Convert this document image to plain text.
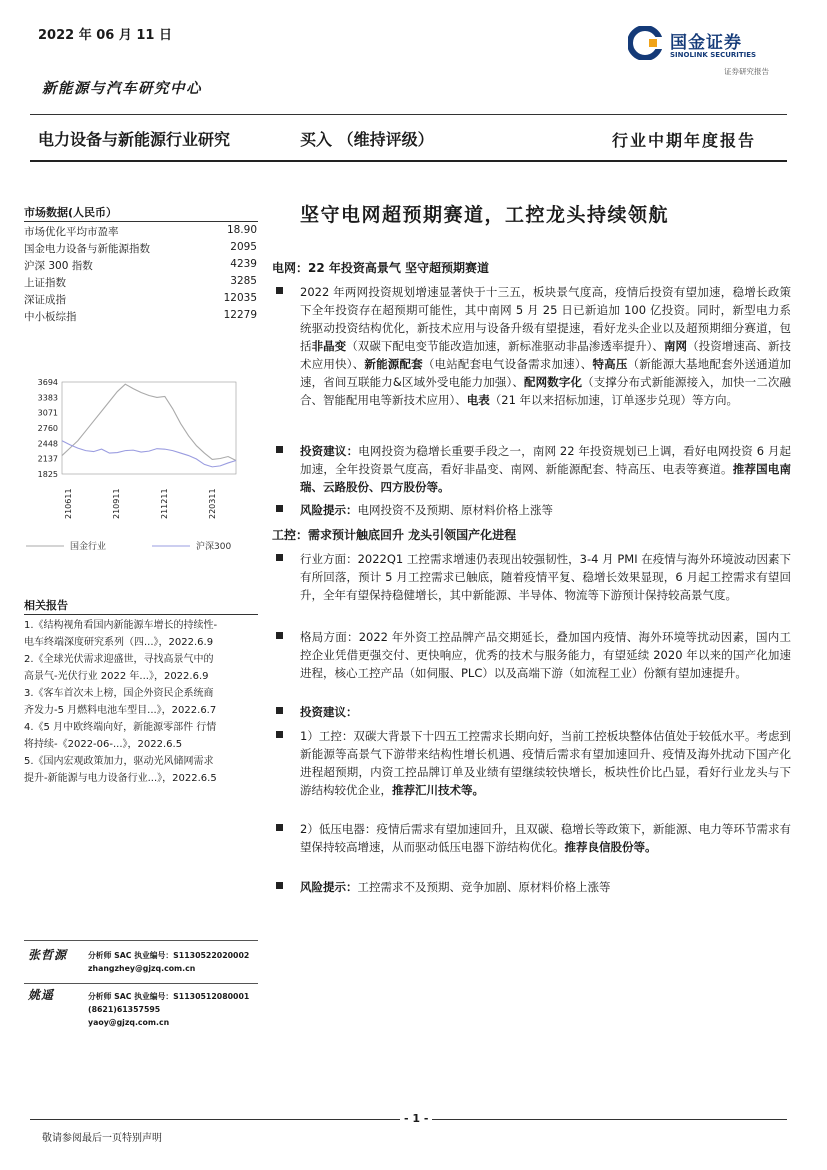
2022 年 06 月 11 日	国金证券
SINOLINK SECURITIES
证券研究报告
新能源与汽车研究中心
电力设备与新能源行业研究	买入 （维持评级）	行业中期年度报告
市场数据(人民币）
市场优化平均市盈率	18.90
国金电力设备与新能源指数	2095
沪深 300 指数	4239
上证指数	3285
深证成指	12035
中小板综指	12279
3694
3383
3071
2760
2448
2137
1825
210611	210911	211211	220311
国金行业	沪深300
相关报告
1.《结构视角看国内新能源车增长的持续性-
电车终端深度研究系列（四...》，2022.6.9
2.《全球光伏需求迎盛世，寻找高景气中的
高景气-光伏行业 2022 年...》，2022.6.9
3.《客车首次未上榜，国企外资民企系统商
齐发力-5 月燃料电池车型目...》，2022.6.7
4.《5 月中欧终端向好，新能源零部件 行情
将持续-《2022-06-...》，2022.6.5
5.《国内宏观政策加力，驱动光风储网需求
提升-新能源与电力设备行业...》，2022.6.5
张哲源	分析师 SAC 执业编号：S1130522020002
zhangzhey@gjzq.com.cn
姚遥	分析师 SAC 执业编号：S1130512080001
(8621)61357595
yaoy@gjzq.com.cn
坚守电网超预期赛道，工控龙头持续领航
电网：22 年投资高景气 坚守超预期赛道
2022 年两网投资规划增速显著快于十三五，板块景气度高，疫情后投资有望加速，稳增长政策下全年投资存在超预期可能性，其中南网 5 月 25 日已新追加 100 亿投资。同时，新型电力系统驱动投资结构优化，新技术应用与设备升级有望提速，看好龙头企业以及超预期细分赛道，包括非晶变（双碳下配电变节能改造加速，新标准驱动非晶渗透率提升）、南网（投资增速高、新技术应用快）、新能源配套（电站配套电气设备需求加速）、特高压（新能源大基地配套外送通道加速，省间互联能力&区域外受电能力加强）、配网数字化（支撑分布式新能源接入，加快一二次融合、智能配用电等新技术应用）、电表（21 年以来招标加速，订单逐步兑现）等方向。
投资建议：电网投资为稳增长重要手段之一，南网 22 年投资规划已上调，看好电网投资 6 月起加速，全年投资景气度高，看好非晶变、南网、新能源配套、特高压、电表等赛道。推荐国电南瑞、云路股份、四方股份等。
风险提示：电网投资不及预期、原材料价格上涨等
工控：需求预计触底回升 龙头引领国产化进程
行业方面：2022Q1 工控需求增速仍表现出较强韧性，3-4 月 PMI 在疫情与海外环境波动因素下有所回落，预计 5 月工控需求已触底，随着疫情平复、稳增长效果显现，6 月起工控需求有望回升，全年有望保持稳健增长，其中新能源、半导体、物流等下游预计保持较高景气度。
格局方面：2022 年外资工控品牌产品交期延长，叠加国内疫情、海外环境等扰动因素，国内工控企业凭借更强交付、更快响应，优秀的技术与服务能力，有望延续 2020 年以来的国产化加速进程，核心工控产品（如伺服、PLC）以及高端下游（如流程工业）份额有望加速提升。
投资建议：
1）工控：双碳大背景下十四五工控需求长期向好，当前工控板块整体估值处于较低水平。考虑到新能源等高景气下游带来结构性增长机遇、疫情后需求有望加速回升、疫情及海外扰动下国产化进程超预期，内资工控品牌订单及业绩有望继续较快增长，板块性价比凸显，看好行业龙头与下游结构较优企业，推荐汇川技术等。
2）低压电器：疫情后需求有望加速回升，且双碳、稳增长等政策下，新能源、电力等环节需求有望保持较高增速，从而驱动低压电器下游结构优化。推荐良信股份等。
风险提示：工控需求不及预期、竞争加剧、原材料价格上涨等
- 1 -
敬请参阅最后一页特别声明
